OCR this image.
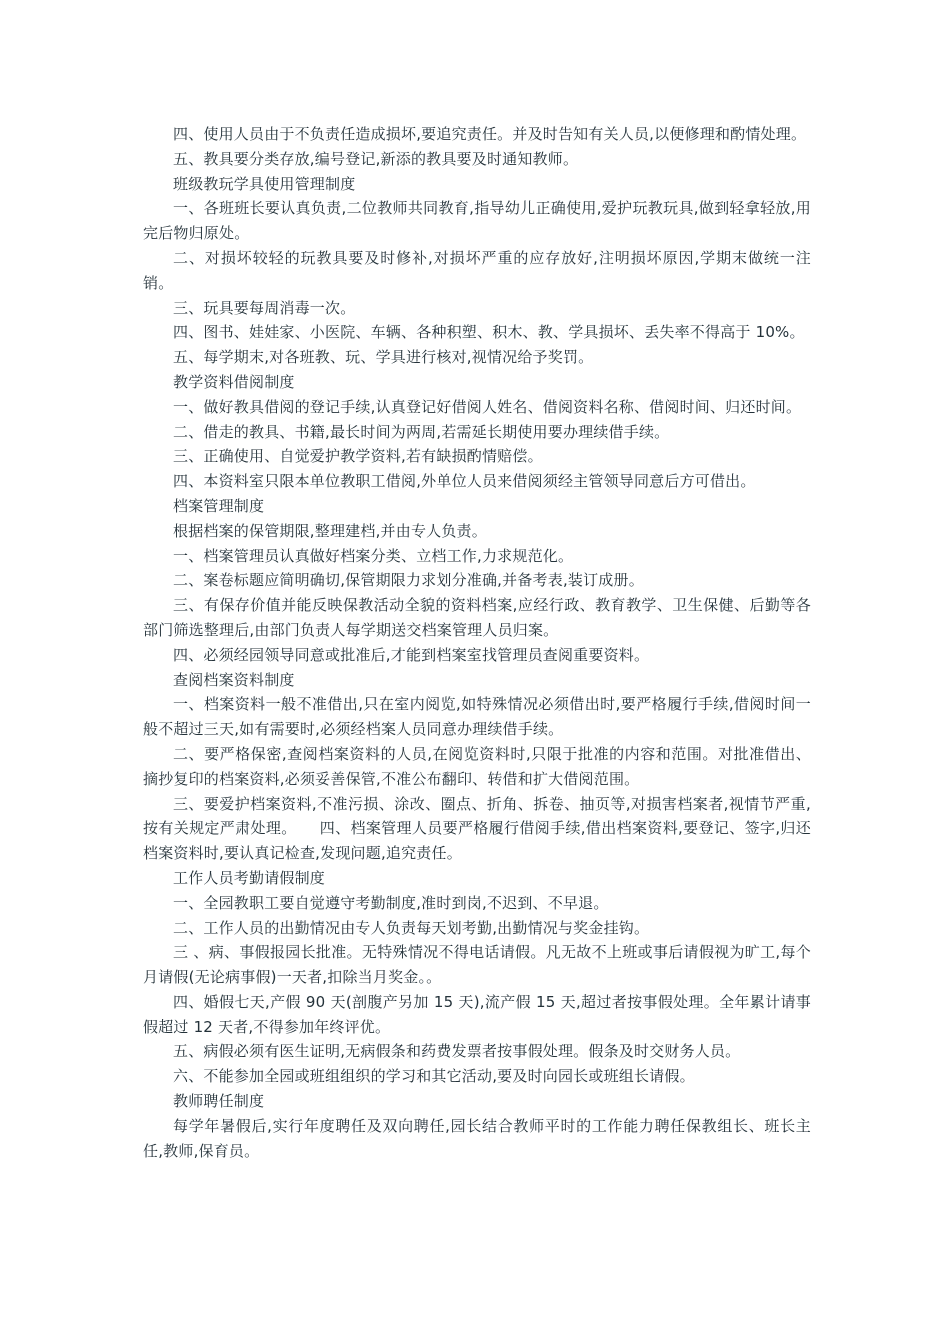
四、使用人员由于不负责任造成损坏,要追究责任。并及时告知有关人员,以便修理和酌情处理。

五、教具要分类存放,编号登记,新添的教具要及时通知教师。

班级教玩学具使用管理制度

一、各班班长要认真负责,二位教师共同教育,指导幼儿正确使用,爱护玩教玩具,做到轻拿轻放,用完后物归原处。

二、对损坏较轻的玩教具要及时修补,对损坏严重的应存放好,注明损坏原因,学期末做统一注销。

三、玩具要每周消毒一次。

四、图书、娃娃家、小医院、车辆、各种积塑、积木、教、学具损坏、丢失率不得高于 10%。

五、每学期末,对各班教、玩、学具进行核对,视情况给予奖罚。

教学资料借阅制度

一、做好教具借阅的登记手续,认真登记好借阅人姓名、借阅资料名称、借阅时间、归还时间。

二、借走的教具、书籍,最长时间为两周,若需延长期使用要办理续借手续。

三、正确使用、自觉爱护教学资料,若有缺损酌情赔偿。

四、本资料室只限本单位教职工借阅,外单位人员来借阅须经主管领导同意后方可借出。

档案管理制度

根据档案的保管期限,整理建档,并由专人负责。

一、档案管理员认真做好档案分类、立档工作,力求规范化。

二、案卷标题应简明确切,保管期限力求划分准确,并备考表,装订成册。

三、有保存价值并能反映保教活动全貌的资料档案,应经行政、教育教学、卫生保健、后勤等各部门筛选整理后,由部门负责人每学期送交档案管理人员归案。

四、必须经园领导同意或批准后,才能到档案室找管理员查阅重要资料。

查阅档案资料制度

一、档案资料一般不准借出,只在室内阅览,如特殊情况必须借出时,要严格履行手续,借阅时间一般不超过三天,如有需要时,必须经档案人员同意办理续借手续。

二、要严格保密,查阅档案资料的人员,在阅览资料时,只限于批准的内容和范围。对批准借出、摘抄复印的档案资料,必须妥善保管,不准公布翻印、转借和扩大借阅范围。

三、要爱护档案资料,不准污损、涂改、圈点、折角、拆卷、抽页等,对损害档案者,视情节严重,按有关规定严肃处理。　　四、档案管理人员要严格履行借阅手续,借出档案资料,要登记、签字,归还档案资料时,要认真记检查,发现问题,追究责任。

工作人员考勤请假制度

一、全园教职工要自觉遵守考勤制度,准时到岗,不迟到、不早退。

二、工作人员的出勤情况由专人负责每天划考勤,出勤情况与奖金挂钩。

三 、病、事假报园长批准。无特殊情况不得电话请假。凡无故不上班或事后请假视为旷工,每个月请假(无论病事假)一天者,扣除当月奖金。。

四、婚假七天,产假 90 天(剖腹产另加 15 天),流产假 15 天,超过者按事假处理。全年累计请事假超过 12 天者,不得参加年终评优。

五、病假必须有医生证明,无病假条和药费发票者按事假处理。假条及时交财务人员。

六、不能参加全园或班组组织的学习和其它活动,要及时向园长或班组长请假。

教师聘任制度

每学年暑假后,实行年度聘任及双向聘任,园长结合教师平时的工作能力聘任保教组长、班长主任,教师,保育员。
